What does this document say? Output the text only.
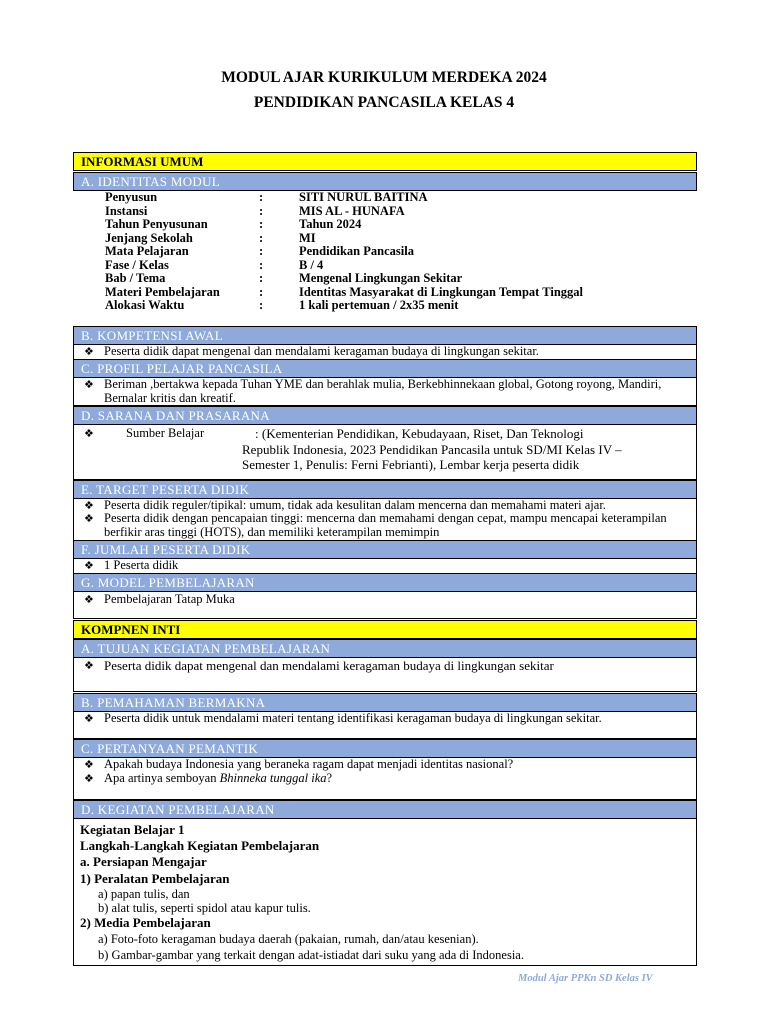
MODUL AJAR KURIKULUM MERDEKA 2024
PENDIDIKAN PANCASILA KELAS 4
INFORMASI UMUM
A. IDENTITAS MODUL
Penyusun	:	SITI NURUL BAITINA
Instansi	:	MIS AL - HUNAFA
Tahun Penyusunan	:	Tahun 2024
Jenjang Sekolah	:	MI
Mata Pelajaran	:	Pendidikan Pancasila
Fase / Kelas	:	B / 4
Bab / Tema	:	Mengenal Lingkungan Sekitar
Materi Pembelajaran	:	Identitas Masyarakat di Lingkungan Tempat Tinggal
Alokasi Waktu	:	1 kali pertemuan / 2x35 menit
B. KOMPETENSI AWAL
❖ Peserta didik dapat mengenal dan mendalami keragaman budaya di lingkungan sekitar.
C. PROFIL PELAJAR PANCASILA
❖ Beriman ,bertakwa kepada Tuhan YME dan berahlak mulia, Berkebhinnekaan global, Gotong royong, Mandiri, Bernalar kritis dan kreatif.
D. SARANA DAN PRASARANA
❖	Sumber Belajar	: (Kementerian Pendidikan, Kebudayaan, Riset, Dan Teknologi
Republik Indonesia, 2023 Pendidikan Pancasila untuk SD/MI Kelas IV –
Semester 1, Penulis: Ferni Febrianti), Lembar kerja peserta didik
E. TARGET PESERTA DIDIK
❖ Peserta didik reguler/tipikal: umum, tidak ada kesulitan dalam mencerna dan memahami materi ajar.
❖ Peserta didik dengan pencapaian tinggi: mencerna dan memahami dengan cepat, mampu mencapai keterampilan berfikir aras tinggi (HOTS), dan memiliki keterampilan memimpin
F. JUMLAH PESERTA DIDIK
❖ 1 Peserta didik
G. MODEL PEMBELAJARAN
❖ Pembelajaran Tatap Muka
KOMPNEN INTI
A. TUJUAN KEGIATAN PEMBELAJARAN
❖ Peserta didik dapat mengenal dan mendalami keragaman budaya di lingkungan sekitar
B. PEMAHAMAN BERMAKNA
❖ Peserta didik untuk mendalami materi tentang identifikasi keragaman budaya di lingkungan sekitar.
C. PERTANYAAN PEMANTIK
❖ Apakah budaya Indonesia yang beraneka ragam dapat menjadi identitas nasional?
❖ Apa artinya semboyan Bhinneka tunggal ika?
D. KEGIATAN PEMBELAJARAN
Kegiatan Belajar 1
Langkah-Langkah Kegiatan Pembelajaran
a. Persiapan Mengajar
1) Peralatan Pembelajaran
a) papan tulis, dan
b) alat tulis, seperti spidol atau kapur tulis.
2) Media Pembelajaran
a) Foto-foto keragaman budaya daerah (pakaian, rumah, dan/atau kesenian).
b) Gambar-gambar yang terkait dengan adat-istiadat dari suku yang ada di Indonesia.
Modul Ajar PPKn SD Kelas IV
